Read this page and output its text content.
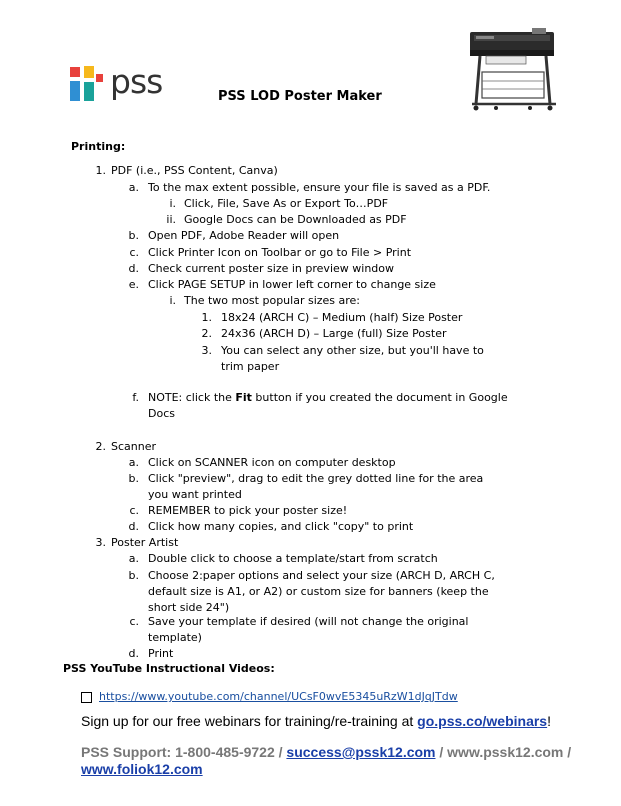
pss	PSS LOD Poster Maker
Printing:
1. PDF (i.e., PSS Content, Canva)
a. To the max extent possible, ensure your file is saved as a PDF.
i. Click, File, Save As or Export To…PDF
ii. Google Docs can be Downloaded as PDF
b. Open PDF, Adobe Reader will open
c. Click Printer Icon on Toolbar or go to File > Print
d. Check current poster size in preview window
e. Click PAGE SETUP in lower left corner to change size
i. The two most popular sizes are:
1. 18x24 (ARCH C) – Medium (half) Size Poster
2. 24x36 (ARCH D) – Large (full) Size Poster
3. You can select any other size, but you'll have to
trim paper
f. NOTE: click the Fit button if you created the document in Google
Docs
2. Scanner
a. Click on SCANNER icon on computer desktop
b. Click "preview", drag to edit the grey dotted line for the area
you want printed
c. REMEMBER to pick your poster size!
d. Click how many copies, and click "copy" to print
3. Poster Artist
a. Double click to choose a template/start from scratch
b. Choose 2:paper options and select your size (ARCH D, ARCH C,
default size is A1, or A2) or custom size for banners (keep the
short side 24")
c. Save your template if desired (will not change the original
template)
d. Print
PSS YouTube Instructional Videos:
https://www.youtube.com/channel/UCsF0wvE5345uRzW1dJqJTdw
Sign up for our free webinars for training/re-training at go.pss.co/webinars!
PSS Support: 1-800-485-9722 / success@pssk12.com / www.pssk12.com /
www.foliok12.com
